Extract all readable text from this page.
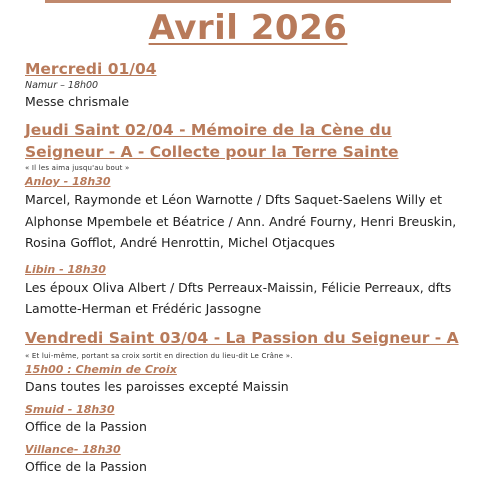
Avril 2026
Mercredi 01/04
Namur – 18h00
Messe chrismale
Jeudi Saint 02/04 - Mémoire de la Cène du
Seigneur - A - Collecte pour la Terre Sainte
« Il les aima jusqu'au bout »
Anloy - 18h30
Marcel, Raymonde et Léon Warnotte / Dfts Saquet-Saelens Willy et Alphonse Mpembele et Béatrice / Ann. André Fourny, Henri Breuskin, Rosina Gofflot, André Henrottin, Michel Otjacques
Libin - 18h30
Les époux Oliva Albert / Dfts Perreaux-Maissin, Félicie Perreaux, dfts Lamotte-Herman et Frédéric Jassogne
Vendredi Saint 03/04 - La Passion du Seigneur - A
« Et lui-même, portant sa croix sortit en direction du lieu-dit Le Crâne ».
15h00 : Chemin de Croix
Dans toutes les paroisses excepté Maissin
Smuid - 18h30
Office de la Passion
Villance- 18h30
Office de la Passion
